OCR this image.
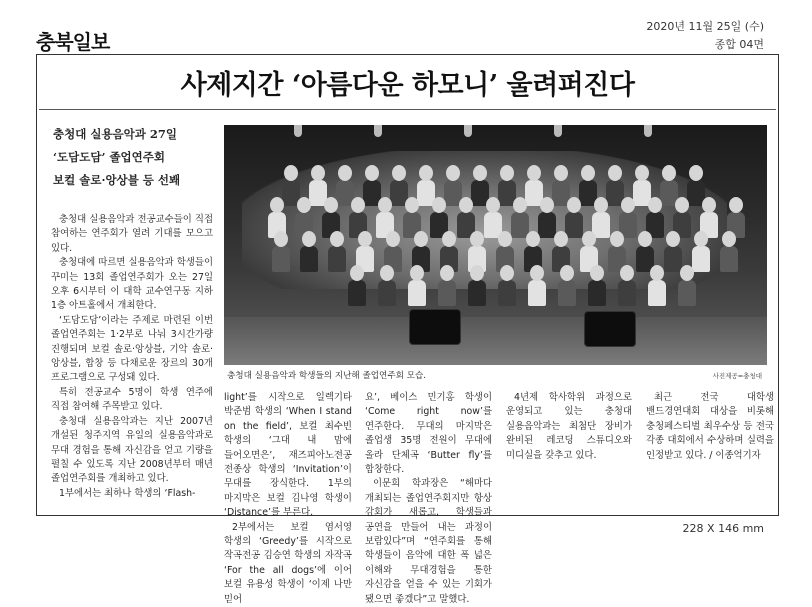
충북일보
2020년 11월 25일 (수)
종합 04면
사제지간 ‘아름다운 하모니’ 울려퍼진다
충청대 실용음악과 27일
‘도담도담’ 졸업연주회
보컬 솔로·앙상블 등 선봬
충청대 실용음악과 학생들의 지난해 졸업연주회 모습.	사진제공=충청대

충청대 실용음악과 전공교수들이 직접 참여하는 연주회가 열려 기대를 모으고 있다.

충청대에 따르면 실용음악과 학생들이 꾸미는 13회 졸업연주회가 오는 27일 오후 6시부터 이 대학 교수연구동 지하 1층 아트홀에서 개최한다.

‘도담도담’이라는 주제로 마련된 이번 졸업연주회는 1·2부로 나눠 3시간가량 진행되며 보컬 솔로·앙상블, 기악 솔로·앙상블, 합창 등 다채로운 장르의 30개 프로그램으로 구성돼 있다.

특히 전공교수 5명이 학생 연주에 직접 참여해 주목받고 있다.

충청대 실용음악과는 지난 2007년 개설된 청주지역 유일의 실용음악과로 무대 경험을 통해 자신감을 얻고 기량을 펼칠 수 있도록 지난 2008년부터 매년 졸업연주회를 개최하고 있다.

1부에서는 최하나 학생의 ‘Flash-

light’를 시작으로 일렉기타 박준범 학생의 ‘When I stand on the field’, 보컬 최수빈 학생의 ‘그대 내 맘에 들어오면은’, 재즈피아노전공 전종상 학생의 ‘Invitation’이 무대를 장식한다. 1부의 마지막은 보컬 김나영 학생이 ‘Distance’를 부른다.

2부에서는 보컬 염서영 학생의 ‘Greedy’를 시작으로 작곡전공 김승연 학생의 자작곡 ‘For the all dogs’에 이어 보컬 유용성 학생이 ‘이제 나만 믿어

요’, 베이스 민기홍 학생이 ‘Come right now’를 연주한다. 무대의 마지막은 졸업생 35명 전원이 무대에 올라 단체곡 ‘Butter fly’를 합창한다.

이문희 학과장은 “해마다 개최되는 졸업연주회지만 항상 감회가 새롭고, 학생들과 공연을 만들어 내는 과정이 보람있다”며 “연주회를 통해 학생들이 음악에 대한 폭 넓은 이해와 무대경험을 통한 자신감을 얻을 수 있는 기회가 됐으면 좋겠다”고 말했다.

4년제 학사학위 과정으로 운영되고 있는 충청대 실용음악과는 최첨단 장비가 완비된 레코딩 스튜디오와 미디실을 갖추고 있다.

최근 전국 대학생 밴드경연대회 대상을 비롯해 충청페스티벌 최우수상 등 전국 각종 대회에서 수상하며 실력을 인정받고 있다. / 이종억기자

228 X 146 mm
